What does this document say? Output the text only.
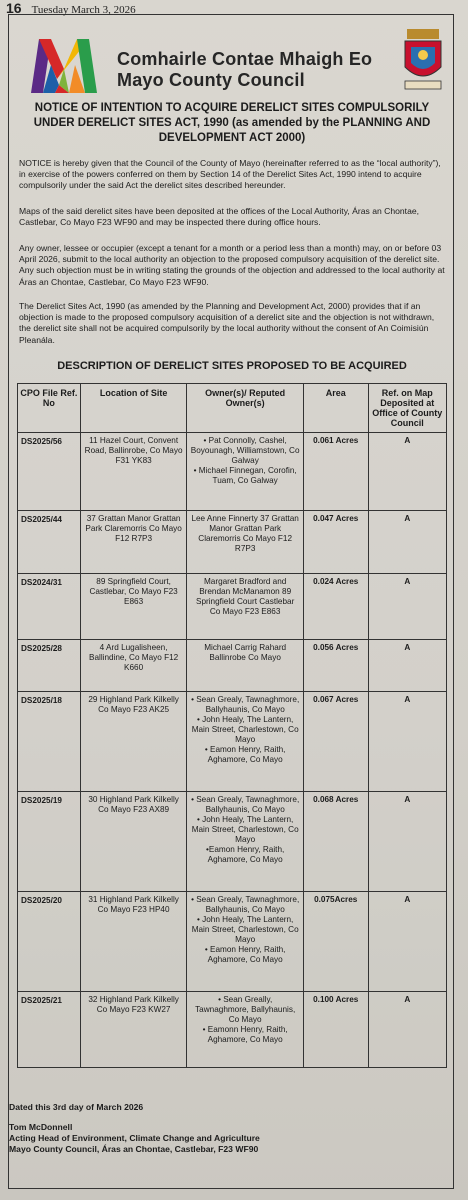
16 Tuesday March 3, 2026
Comhairle Contae Mhaigh Eo
Mayo County Council
NOTICE OF INTENTION TO ACQUIRE DERELICT SITES COMPULSORILY UNDER DERELICT SITES ACT, 1990 (as amended by the PLANNING AND DEVELOPMENT ACT 2000)
NOTICE is hereby given that the Council of the County of Mayo (hereinafter referred to as the “local authority”), in exercise of the powers conferred on them by Section 14 of the Derelict Sites Act, 1990 intend to acquire compulsorily under the said Act the derelict sites described hereunder.
Maps of the said derelict sites have been deposited at the offices of the Local Authority, Áras an Chontae, Castlebar, Co Mayo F23 WF90 and may be inspected there during office hours.
Any owner, lessee or occupier (except a tenant for a month or a period less than a month) may, on or before 03 April 2026, submit to the local authority an objection to the proposed compulsory acquisition of the derelict site. Any such objection must be in writing stating the grounds of the objection and addressed to the local authority at Áras an Chontae, Castlebar, Co Mayo F23 WF90.
The Derelict Sites Act, 1990 (as amended by the Planning and Development Act, 2000) provides that if an objection is made to the proposed compulsory acquisition of a derelict site and the objection is not withdrawn, the derelict site shall not be acquired compulsorily by the local authority without the consent of An Coimisiún Pleanála.
DESCRIPTION OF DERELICT SITES PROPOSED TO BE ACQUIRED
CPO File Ref. No	Location of Site	Owner(s)/ Reputed Owner(s)	Area	Ref. on Map Deposited at Office of County Council
DS2025/56	11 Hazel Court, Convent Road, Ballinrobe, Co Mayo F31 YK83	• Pat Connolly, Cashel, Boyounagh, Williamstown, Co Galway
• Michael Finnegan, Corofin, Tuam, Co Galway	0.061 Acres	A
DS2025/44	37 Grattan Manor Grattan Park Claremorris Co Mayo F12 R7P3	Lee Anne Finnerty 37 Grattan Manor Grattan Park Claremorris Co Mayo F12 R7P3	0.047 Acres	A
DS2024/31	89 Springfield Court, Castlebar, Co Mayo F23 E863	Margaret Bradford and Brendan McManamon 89 Springfield Court Castlebar Co Mayo F23 E863	0.024 Acres	A
DS2025/28	4 Ard Lugalisheen, Ballindine, Co Mayo F12 K660	Michael Carrig Rahard Ballinrobe Co Mayo	0.056 Acres	A
DS2025/18	29 Highland Park Kilkelly Co Mayo F23 AK25	• Sean Grealy, Tawnaghmore, Ballyhaunis, Co Mayo
• John Healy, The Lantern, Main Street, Charlestown, Co Mayo
• Eamon Henry, Raith, Aghamore, Co Mayo	0.067 Acres	A
DS2025/19	30 Highland Park Kilkelly Co Mayo F23 AX89	• Sean Grealy, Tawnaghmore, Ballyhaunis, Co Mayo
• John Healy, The Lantern, Main Street, Charlestown, Co Mayo
•Eamon Henry, Raith, Aghamore, Co Mayo	0.068 Acres	A
DS2025/20	31 Highland Park Kilkelly Co Mayo F23 HP40	• Sean Grealy, Tawnaghmore, Ballyhaunis, Co Mayo
• John Healy, The Lantern, Main Street, Charlestown, Co Mayo
• Eamon Henry, Raith, Aghamore, Co Mayo	0.075Acres	A
DS2025/21	32 Highland Park Kilkelly Co Mayo F23 KW27	• Sean Greally, Tawnaghmore, Ballyhaunis, Co Mayo
• Eamonn Henry, Raith, Aghamore, Co Mayo	0.100 Acres	A
Dated this 3rd day of March 2026
Tom McDonnell
Acting Head of Environment, Climate Change and Agriculture
Mayo County Council, Áras an Chontae, Castlebar, F23 WF90
